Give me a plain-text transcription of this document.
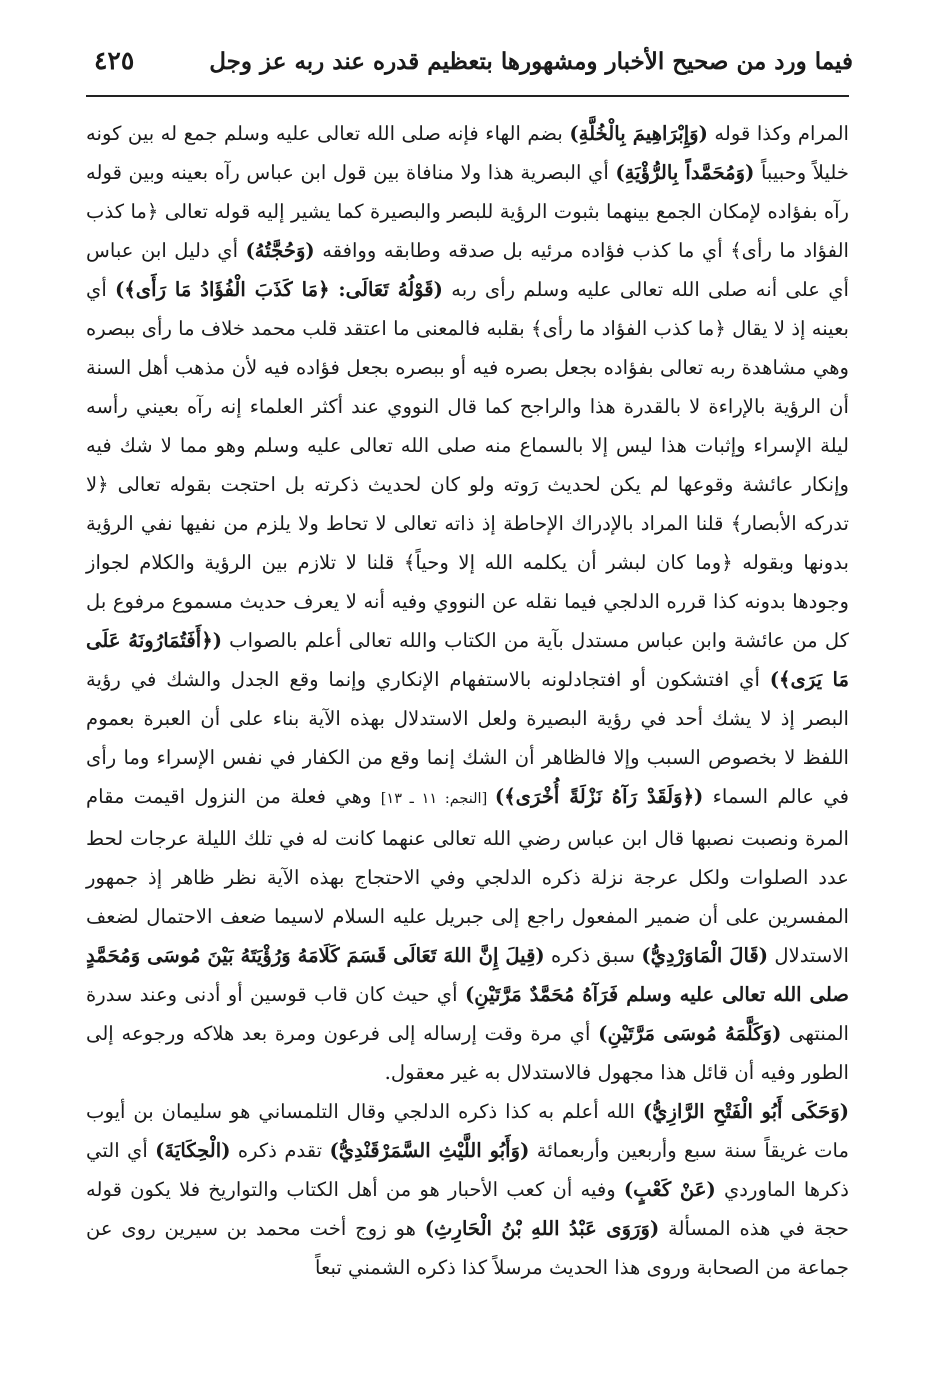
فيما ورد من صحيح الأخبار ومشهورها بتعظيم قدره عند ربه عز وجل
٤٢٥

المرام وكذا قوله (وَإِبْرَاهِيمَ بِالْخُلَّةِ) بضم الهاء فإنه صلى الله تعالى عليه وسلم جمع له بين كونه خليلاً وحبيباً (وَمُحَمَّداً بِالرُّؤْيَةِ) أي البصرية هذا ولا منافاة بين قول ابن عباس رآه بعينه وبين قوله رآه بفؤاده لإمكان الجمع بينهما بثبوت الرؤية للبصر والبصيرة كما يشير إليه قوله تعالى ﴿ما كذب الفؤاد ما رأى﴾ أي ما كذب فؤاده مرئيه بل صدقه وطابقه ووافقه (وَحُجَّتُهُ) أي دليل ابن عباس أي على أنه صلى الله تعالى عليه وسلم رأى ربه (قَوْلُهُ تَعَالَى: ﴿مَا كَذَبَ الْفُؤَادُ مَا رَأَى﴾) أي بعينه إذ لا يقال ﴿ما كذب الفؤاد ما رأى﴾ بقلبه فالمعنى ما اعتقد قلب محمد خلاف ما رأى ببصره وهي مشاهدة ربه تعالى بفؤاده بجعل بصره فيه أو ببصره بجعل فؤاده فيه لأن مذهب أهل السنة أن الرؤية بالإراءة لا بالقدرة هذا والراجح كما قال النووي عند أكثر العلماء إنه رآه بعيني رأسه ليلة الإسراء وإثبات هذا ليس إلا بالسماع منه صلى الله تعالى عليه وسلم وهو مما لا شك فيه وإنكار عائشة وقوعها لم يكن لحديث رَوته ولو كان لحديث ذكرته بل احتجت بقوله تعالى ﴿لا تدركه الأبصار﴾ قلنا المراد بالإدراك الإحاطة إذ ذاته تعالى لا تحاط ولا يلزم من نفيها نفي الرؤية بدونها وبقوله ﴿وما كان لبشر أن يكلمه الله إلا وحياً﴾ قلنا لا تلازم بين الرؤية والكلام لجواز وجودها بدونه كذا قرره الدلجي فيما نقله عن النووي وفيه أنه لا يعرف حديث مسموع مرفوع بل كل من عائشة وابن عباس مستدل بآية من الكتاب والله تعالى أعلم بالصواب (﴿أَفَتُمَارُونَهُ عَلَى مَا يَرَى﴾) أي افتشكون أو افتجادلونه بالاستفهام الإنكاري وإنما وقع الجدل والشك في رؤية البصر إذ لا يشك أحد في رؤية البصيرة ولعل الاستدلال بهذه الآية بناء على أن العبرة بعموم اللفظ لا بخصوص السبب وإلا فالظاهر أن الشك إنما وقع من الكفار في نفس الإسراء وما رأى في عالم السماء (﴿وَلَقَدْ رَآهُ نَزْلَةً أُخْرَى﴾) [النجم: ١١ ـ ١٣] وهي فعلة من النزول اقيمت مقام المرة ونصبت نصبها قال ابن عباس رضي الله تعالى عنهما كانت له في تلك الليلة عرجات لحط عدد الصلوات ولكل عرجة نزلة ذكره الدلجي وفي الاحتجاج بهذه الآية نظر ظاهر إذ جمهور المفسرين على أن ضمير المفعول راجع إلى جبريل عليه السلام لاسيما ضعف الاحتمال لضعف الاستدلال (قَالَ الْمَاوَرْدِيُّ) سبق ذكره (قِيلَ إِنَّ اللهَ تَعَالَى قَسَمَ كَلَامَهُ وَرُؤْيَتَهُ بَيْنَ مُوسَى وَمُحَمَّدٍ صلى الله تعالى عليه وسلم فَرَآهُ مُحَمَّدٌ مَرَّتَيْنِ) أي حيث كان قاب قوسين أو أدنى وعند سدرة المنتهى (وَكَلَّمَهُ مُوسَى مَرَّتَيْنِ) أي مرة وقت إرساله إلى فرعون ومرة بعد هلاكه ورجوعه إلى الطور وفيه أن قائل هذا مجهول فالاستدلال به غير معقول.

(وَحَكَى أَبُو الْفَتْحِ الرَّازِيُّ) الله أعلم به كذا ذكره الدلجي وقال التلمساني هو سليمان بن أيوب مات غريقاً سنة سبع وأربعين وأربعمائة (وَأَبُو اللَّيْثِ السَّمَرْقَنْدِيُّ) تقدم ذكره (الْحِكَايَةَ) أي التي ذكرها الماوردي (عَنْ كَعْبٍ) وفيه أن كعب الأحبار هو من أهل الكتاب والتواريخ فلا يكون قوله حجة في هذه المسألة (وَرَوَى عَبْدُ اللهِ بْنُ الْحَارِثِ) هو زوج أخت محمد بن سيرين روى عن جماعة من الصحابة وروى هذا الحديث مرسلاً كذا ذكره الشمني تبعاً
